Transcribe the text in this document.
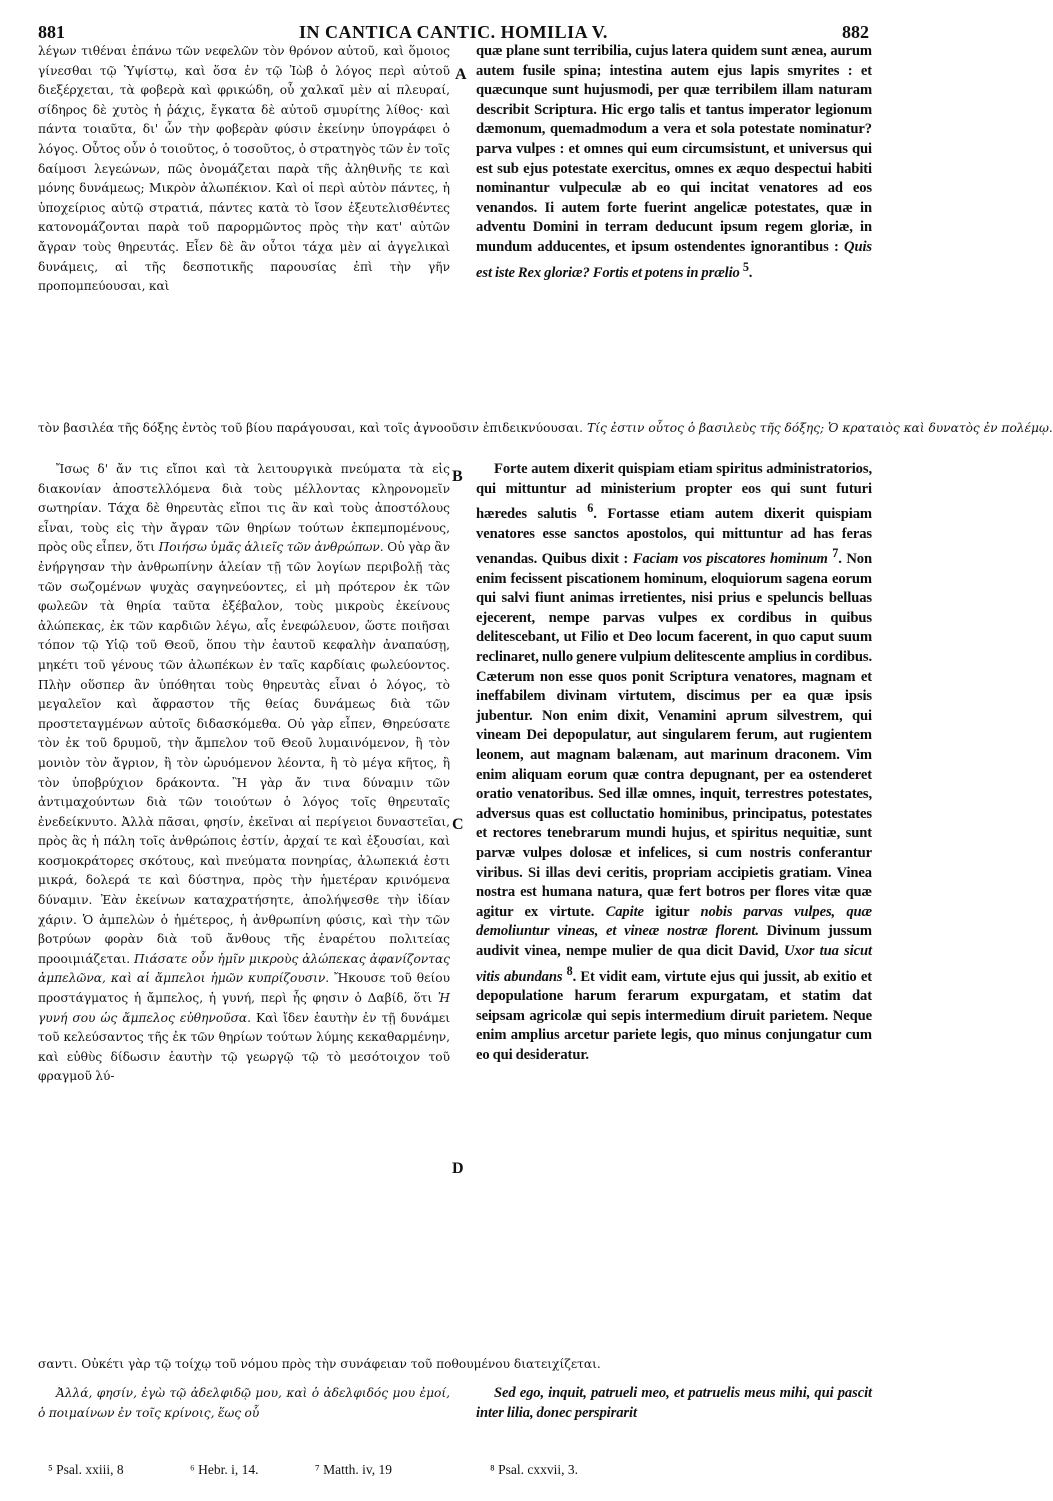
881	IN CANTICA CANTIC. HOMILIA V.	882

λέγων τιθέναι ἐπάνω τῶν νεφελῶν τὸν θρόνον αὐτοῦ, καὶ ὅμοιος γίνεσθαι τῷ Ὑψίστῳ, καὶ ὅσα ἐν τῷ Ἰὼβ ὁ λόγος περὶ αὐτοῦ διεξέρχεται, τὰ φοβερὰ καὶ φρικώδη, οὗ χαλκαῖ μὲν αἱ πλευραί, σίδηρος δὲ χυτὸς ἡ ῥάχις, ἔγκατα δὲ αὐτοῦ σμυρίτης λίθος· καὶ πάντα τοιαῦτα, δι' ὧν τὴν φοβερὰν φύσιν ἐκείνην ὑπογράφει ὁ λόγος. Οὗτος οὖν ὁ τοιοῦτος, ὁ τοσοῦτος, ὁ στρατηγὸς τῶν ἐν τοῖς δαίμοσι λεγεώνων, πῶς ὀνομάζεται παρὰ τῆς ἀληθινῆς τε καὶ μόνης δυνάμεως; Μικρὸν ἀλωπέκιον. Καὶ οἱ περὶ αὐτὸν πάντες, ἡ ὑποχείριος αὐτῷ στρατιά, πάντες κατὰ τὸ ἴσον ἐξευτελισθέντες κατονομάζονται παρὰ τοῦ παρορμῶντος πρὸς τὴν κατ' αὐτῶν ἄγραν τοὺς θηρευτάς. Εἶεν δὲ ἂν οὗτοι τάχα μὲν αἱ ἀγγελικαὶ δυνάμεις, αἱ τῆς δεσποτικῆς παρουσίας ἐπὶ τὴν γῆν προπομπεύουσαι, καὶ

quæ plane sunt terribilia, cujus latera quidem sunt ænea, aurum autem fusile spina; intestina autem ejus lapis smyrites : et quæcunque sunt hujusmodi, per quæ terribilem illam naturam describit Scriptura. Hic ergo talis et tantus imperator legionum dæmonum, quemadmodum a vera et sola potestate nominatur? parva vulpes : et omnes qui eum circumsistunt, et universus qui est sub ejus potestate exercitus, omnes ex æquo despectui habiti nominantur vulpeculæ ab eo qui incitat venatores ad eos venandos. Ii autem forte fuerint angelicæ potestates, quæ in adventu Domini in terram deducunt ipsum regem gloriæ, in mundum adducentes, et ipsum ostendentes ignorantibus : Quis est iste Rex gloriæ? Fortis et potens in prælio $^5$.

A
τὸν βασιλέα τῆς δόξης ἐντὸς τοῦ βίου παράγουσαι, καὶ τοῖς ἀγνοοῦσιν ἐπιδεικνύουσαι. Τίς ἐστιν οὗτος ὁ βασιλεὺς τῆς δόξης; Ὁ κραταιὸς καὶ δυνατὸς ἐν πολέμῳ.

Ἴσως δ' ἄν τις εἴποι καὶ τὰ λειτουργικὰ πνεύματα τὰ εἰς διακονίαν ἀποστελλόμενα διὰ τοὺς μέλλοντας κληρονομεῖν σωτηρίαν. Τάχα δὲ θηρευτὰς εἴποι τις ἂν καὶ τοὺς ἀποστόλους εἶναι, τοὺς εἰς τὴν ἄγραν τῶν θηρίων τούτων ἐκπεμπομένους, πρὸς οὓς εἶπεν, ὅτι Ποιήσω ὑμᾶς ἁλιεῖς τῶν ἀνθρώπων. Οὐ γὰρ ἂν ἐνήργησαν τὴν ἀνθρωπίνην ἁλείαν τῇ τῶν λογίων περιβολῇ τὰς τῶν σωζομένων ψυχὰς σαγηνεύοντες, εἰ μὴ πρότερον ἐκ τῶν φωλεῶν τὰ θηρία ταῦτα ἐξέβαλον, τοὺς μικροὺς ἐκείνους ἀλώπεκας, ἐκ τῶν καρδιῶν λέγω, αἷς ἐνεφώλευον, ὥστε ποιῆσαι τόπον τῷ Υἱῷ τοῦ Θεοῦ, ὅπου τὴν ἑαυτοῦ κεφαλὴν ἀναπαύσῃ, μηκέτι τοῦ γένους τῶν ἀλωπέκων ἐν ταῖς καρδίαις φωλεύοντος. Πλὴν οὕσπερ ἂν ὑπόθηται τοὺς θηρευτὰς εἶναι ὁ λόγος, τὸ μεγαλεῖον καὶ ἄφραστον τῆς θείας δυνάμεως διὰ τῶν προστεταγμένων αὐτοῖς διδασκόμεθα. Οὐ γὰρ εἶπεν, Θηρεύσατε τὸν ἐκ τοῦ δρυμοῦ, τὴν ἄμπελον τοῦ Θεοῦ λυμαινόμενον, ἢ τὸν μονιὸν τὸν ἄγριον, ἢ τὸν ὠρυόμενον λέοντα, ἢ τὸ μέγα κῆτος, ἢ τὸν ὑποβρύχιον δράκοντα. Ἢ γὰρ ἄν τινα δύναμιν τῶν ἀντιμαχούντων διὰ τῶν τοιούτων ὁ λόγος τοῖς θηρευταῖς ἐνεδείκνυτο. Ἀλλὰ πᾶσαι, φησίν, ἐκεῖναι αἱ περίγειοι δυναστεῖαι, πρὸς ἃς ἡ πάλη τοῖς ἀνθρώποις ἐστίν, ἀρχαί τε καὶ ἐξουσίαι, καὶ κοσμοκράτορες σκότους, καὶ πνεύματα πονηρίας, ἀλωπεκιά ἐστι μικρά, δολερά τε καὶ δύστηνα, πρὸς τὴν ἡμετέραν κρινόμενα δύναμιν. Ἐὰν ἐκείνων καταχρατήσητε, ἀπολήψεσθε τὴν ἰδίαν χάριν. Ὁ ἀμπελὼν ὁ ἡμέτερος, ἡ ἀνθρωπίνη φύσις, καὶ τὴν τῶν βοτρύων φορὰν διὰ τοῦ ἄνθους τῆς ἐναρέτου πολιτείας προοιμιάζεται. Πιάσατε οὖν ἡμῖν μικροὺς ἀλώπεκας ἀφανίζοντας ἀμπελῶνα, καὶ αἱ ἄμπελοι ἡμῶν κυπρίζουσιν. Ἤκουσε τοῦ θείου προστάγματος ἡ ἄμπελος, ἡ γυνή, περὶ ἧς φησιν ὁ Δαβίδ, ὅτι Ἡ γυνή σου ὡς ἄμπελος εὐθηνοῦσα. Καὶ ἴδεν ἑαυτὴν ἐν τῇ δυνάμει τοῦ κελεύσαντος τῆς ἐκ τῶν θηρίων τούτων λύμης κεκαθαρμένην, καὶ εὐθὺς δίδωσιν ἑαυτὴν τῷ γεωργῷ τῷ τὸ μεσότοιχον τοῦ φραγμοῦ λύ-

Forte autem dixerit quispiam etiam spiritus administratorios, qui mittuntur ad ministerium propter eos qui sunt futuri hæredes salutis $^6$. Fortasse etiam autem dixerit quispiam venatores esse sanctos apostolos, qui mittuntur ad has feras venandas. Quibus dixit : Faciam vos piscatores hominum $^7$. Non enim fecissent piscationem hominum, eloquiorum sagena eorum qui salvi fiunt animas irretientes, nisi prius e speluncis belluas ejecerent, nempe parvas vulpes ex cordibus in quibus delitescebant, ut Filio et Deo locum facerent, in quo caput suum reclinaret, nullo genere vulpium delitescente amplius in cordibus. Cæterum non esse quos ponit Scriptura venatores, magnam et ineffabilem divinam virtutem, discimus per ea quæ ipsis jubentur. Non enim dixit, Venamini aprum silvestrem, qui vineam Dei depopulatur, aut singularem ferum, aut rugientem leonem, aut magnam balænam, aut marinum draconem. Vim enim aliquam eorum quæ contra depugnant, per ea ostenderet oratio venatoribus. Sed illæ omnes, inquit, terrestres potestates, adversus quas est colluctatio hominibus, principatus, potestates et rectores tenebrarum mundi hujus, et spiritus nequitiæ, sunt parvæ vulpes dolosæ et infelices, si cum nostris conferantur viribus. Si illas devi ceritis, propriam accipietis gratiam. Vinea nostra est humana natura, quæ fert botros per flores vitæ quæ agitur ex virtute. Capite igitur nobis parvas vulpes, quæ demoliuntur vineas, et vineæ nostræ florent. Divinum jussum audivit vinea, nempe mulier de qua dicit David, Uxor tua sicut vitis abundans $^8$. Et vidit eam, virtute ejus qui jussit, ab exitio et depopulatione harum ferarum expurgatam, et statim dat seipsam agricolæ qui sepis intermedium diruit parietem. Neque enim amplius arcetur pariete legis, quo minus conjungatur cum eo qui desideratur.

B
C
D
σαντι. Οὐκέτι γὰρ τῷ τοίχῳ τοῦ νόμου πρὸς τὴν συνάφειαν τοῦ ποθουμένου διατειχίζεται.

Ἀλλά, φησίν, ἐγὼ τῷ ἀδελφιδῷ μου, καὶ ὁ ἀδελφιδός μου ἐμοί, ὁ ποιμαίνων ἐν τοῖς κρίνοις, ἕως οὗ

Sed ego, inquit, patrueli meo, et patruelis meus mihi, qui pascit inter lilia, donec perspirarit

⁵ Psal. xxiii, 8	⁶ Hebr. i, 14.	⁷ Matth. iv, 19	⁸ Psal. cxxvii, 3.
